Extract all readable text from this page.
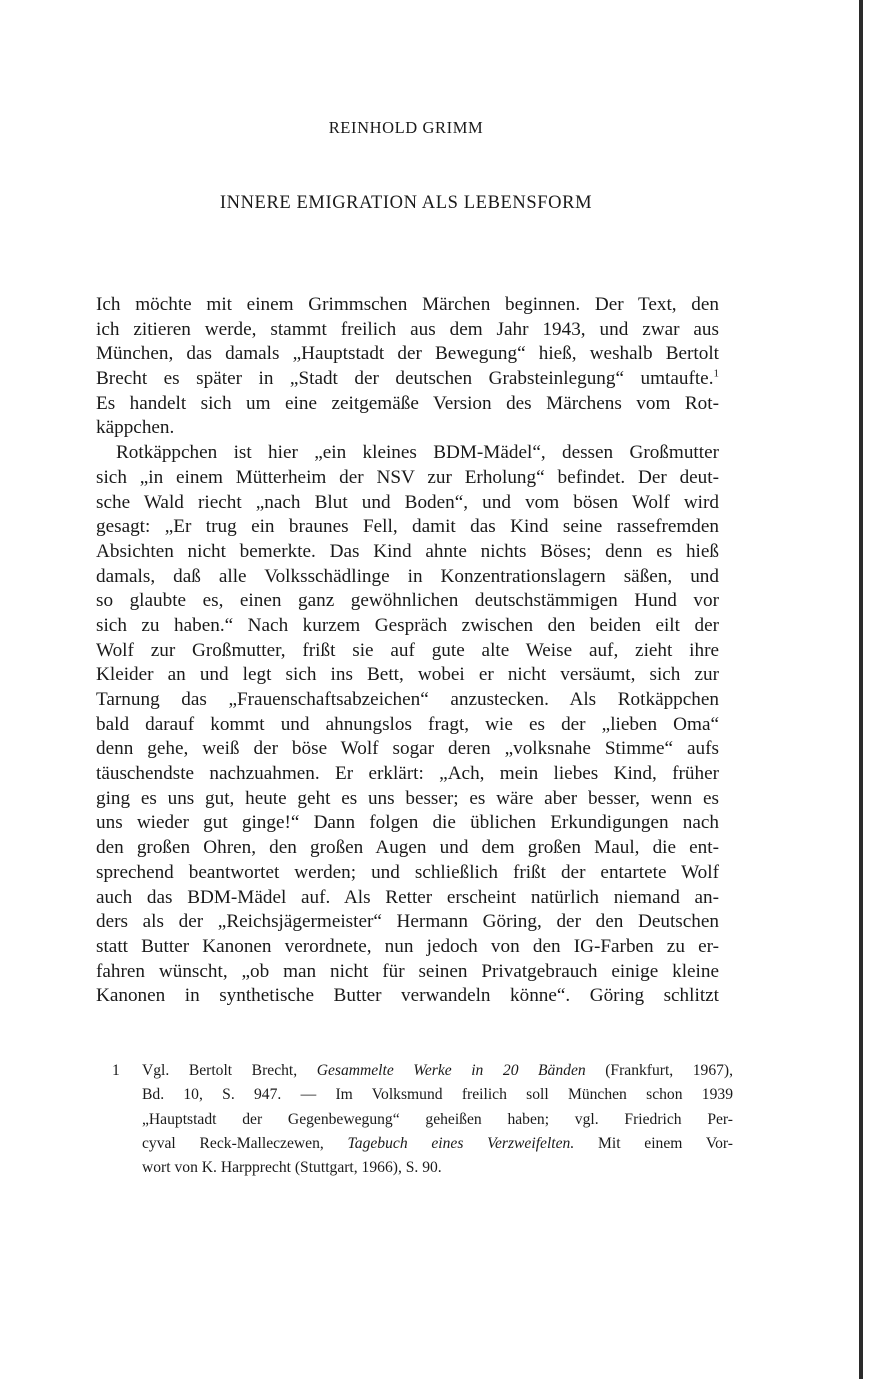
REINHOLD GRIMM
INNERE EMIGRATION ALS LEBENSFORM
Ich möchte mit einem Grimmschen Märchen beginnen. Der Text, den
ich zitieren werde, stammt freilich aus dem Jahr 1943, und zwar aus
München, das damals „Hauptstadt der Bewegung“ hieß, weshalb Bertolt
Brecht es später in „Stadt der deutschen Grabsteinlegung“ umtaufte.$^1$
Es handelt sich um eine zeitgemäße Version des Märchens vom Rot-
käppchen.
Rotkäppchen ist hier „ein kleines BDM-Mädel“, dessen Großmutter
sich „in einem Mütterheim der NSV zur Erholung“ befindet. Der deut-
sche Wald riecht „nach Blut und Boden“, und vom bösen Wolf wird
gesagt: „Er trug ein braunes Fell, damit das Kind seine rassefremden
Absichten nicht bemerkte. Das Kind ahnte nichts Böses; denn es hieß
damals, daß alle Volksschädlinge in Konzentrationslagern säßen, und
so glaubte es, einen ganz gewöhnlichen deutschstämmigen Hund vor
sich zu haben.“ Nach kurzem Gespräch zwischen den beiden eilt der
Wolf zur Großmutter, frißt sie auf gute alte Weise auf, zieht ihre
Kleider an und legt sich ins Bett, wobei er nicht versäumt, sich zur
Tarnung das „Frauenschaftsabzeichen“ anzustecken. Als Rotkäppchen
bald darauf kommt und ahnungslos fragt, wie es der „lieben Oma“
denn gehe, weiß der böse Wolf sogar deren „volksnahe Stimme“ aufs
täuschendste nachzuahmen. Er erklärt: „Ach, mein liebes Kind, früher
ging es uns gut, heute geht es uns besser; es wäre aber besser, wenn es
uns wieder gut ginge!“ Dann folgen die üblichen Erkundigungen nach
den großen Ohren, den großen Augen und dem großen Maul, die ent-
sprechend beantwortet werden; und schließlich frißt der entartete Wolf
auch das BDM-Mädel auf. Als Retter erscheint natürlich niemand an-
ders als der „Reichsjägermeister“ Hermann Göring, der den Deutschen
statt Butter Kanonen verordnete, nun jedoch von den IG-Farben zu er-
fahren wünscht, „ob man nicht für seinen Privatgebrauch einige kleine
Kanonen in synthetische Butter verwandeln könne“. Göring schlitzt
1 Vgl. Bertolt Brecht, Gesammelte Werke in 20 Bänden (Frankfurt, 1967),
Bd. 10, S. 947. — Im Volksmund freilich soll München schon 1939
„Hauptstadt der Gegenbewegung“ geheißen haben; vgl. Friedrich Per-
cyval Reck-Malleczewen, Tagebuch eines Verzweifelten. Mit einem Vor-
wort von K. Harpprecht (Stuttgart, 1966), S. 90.
